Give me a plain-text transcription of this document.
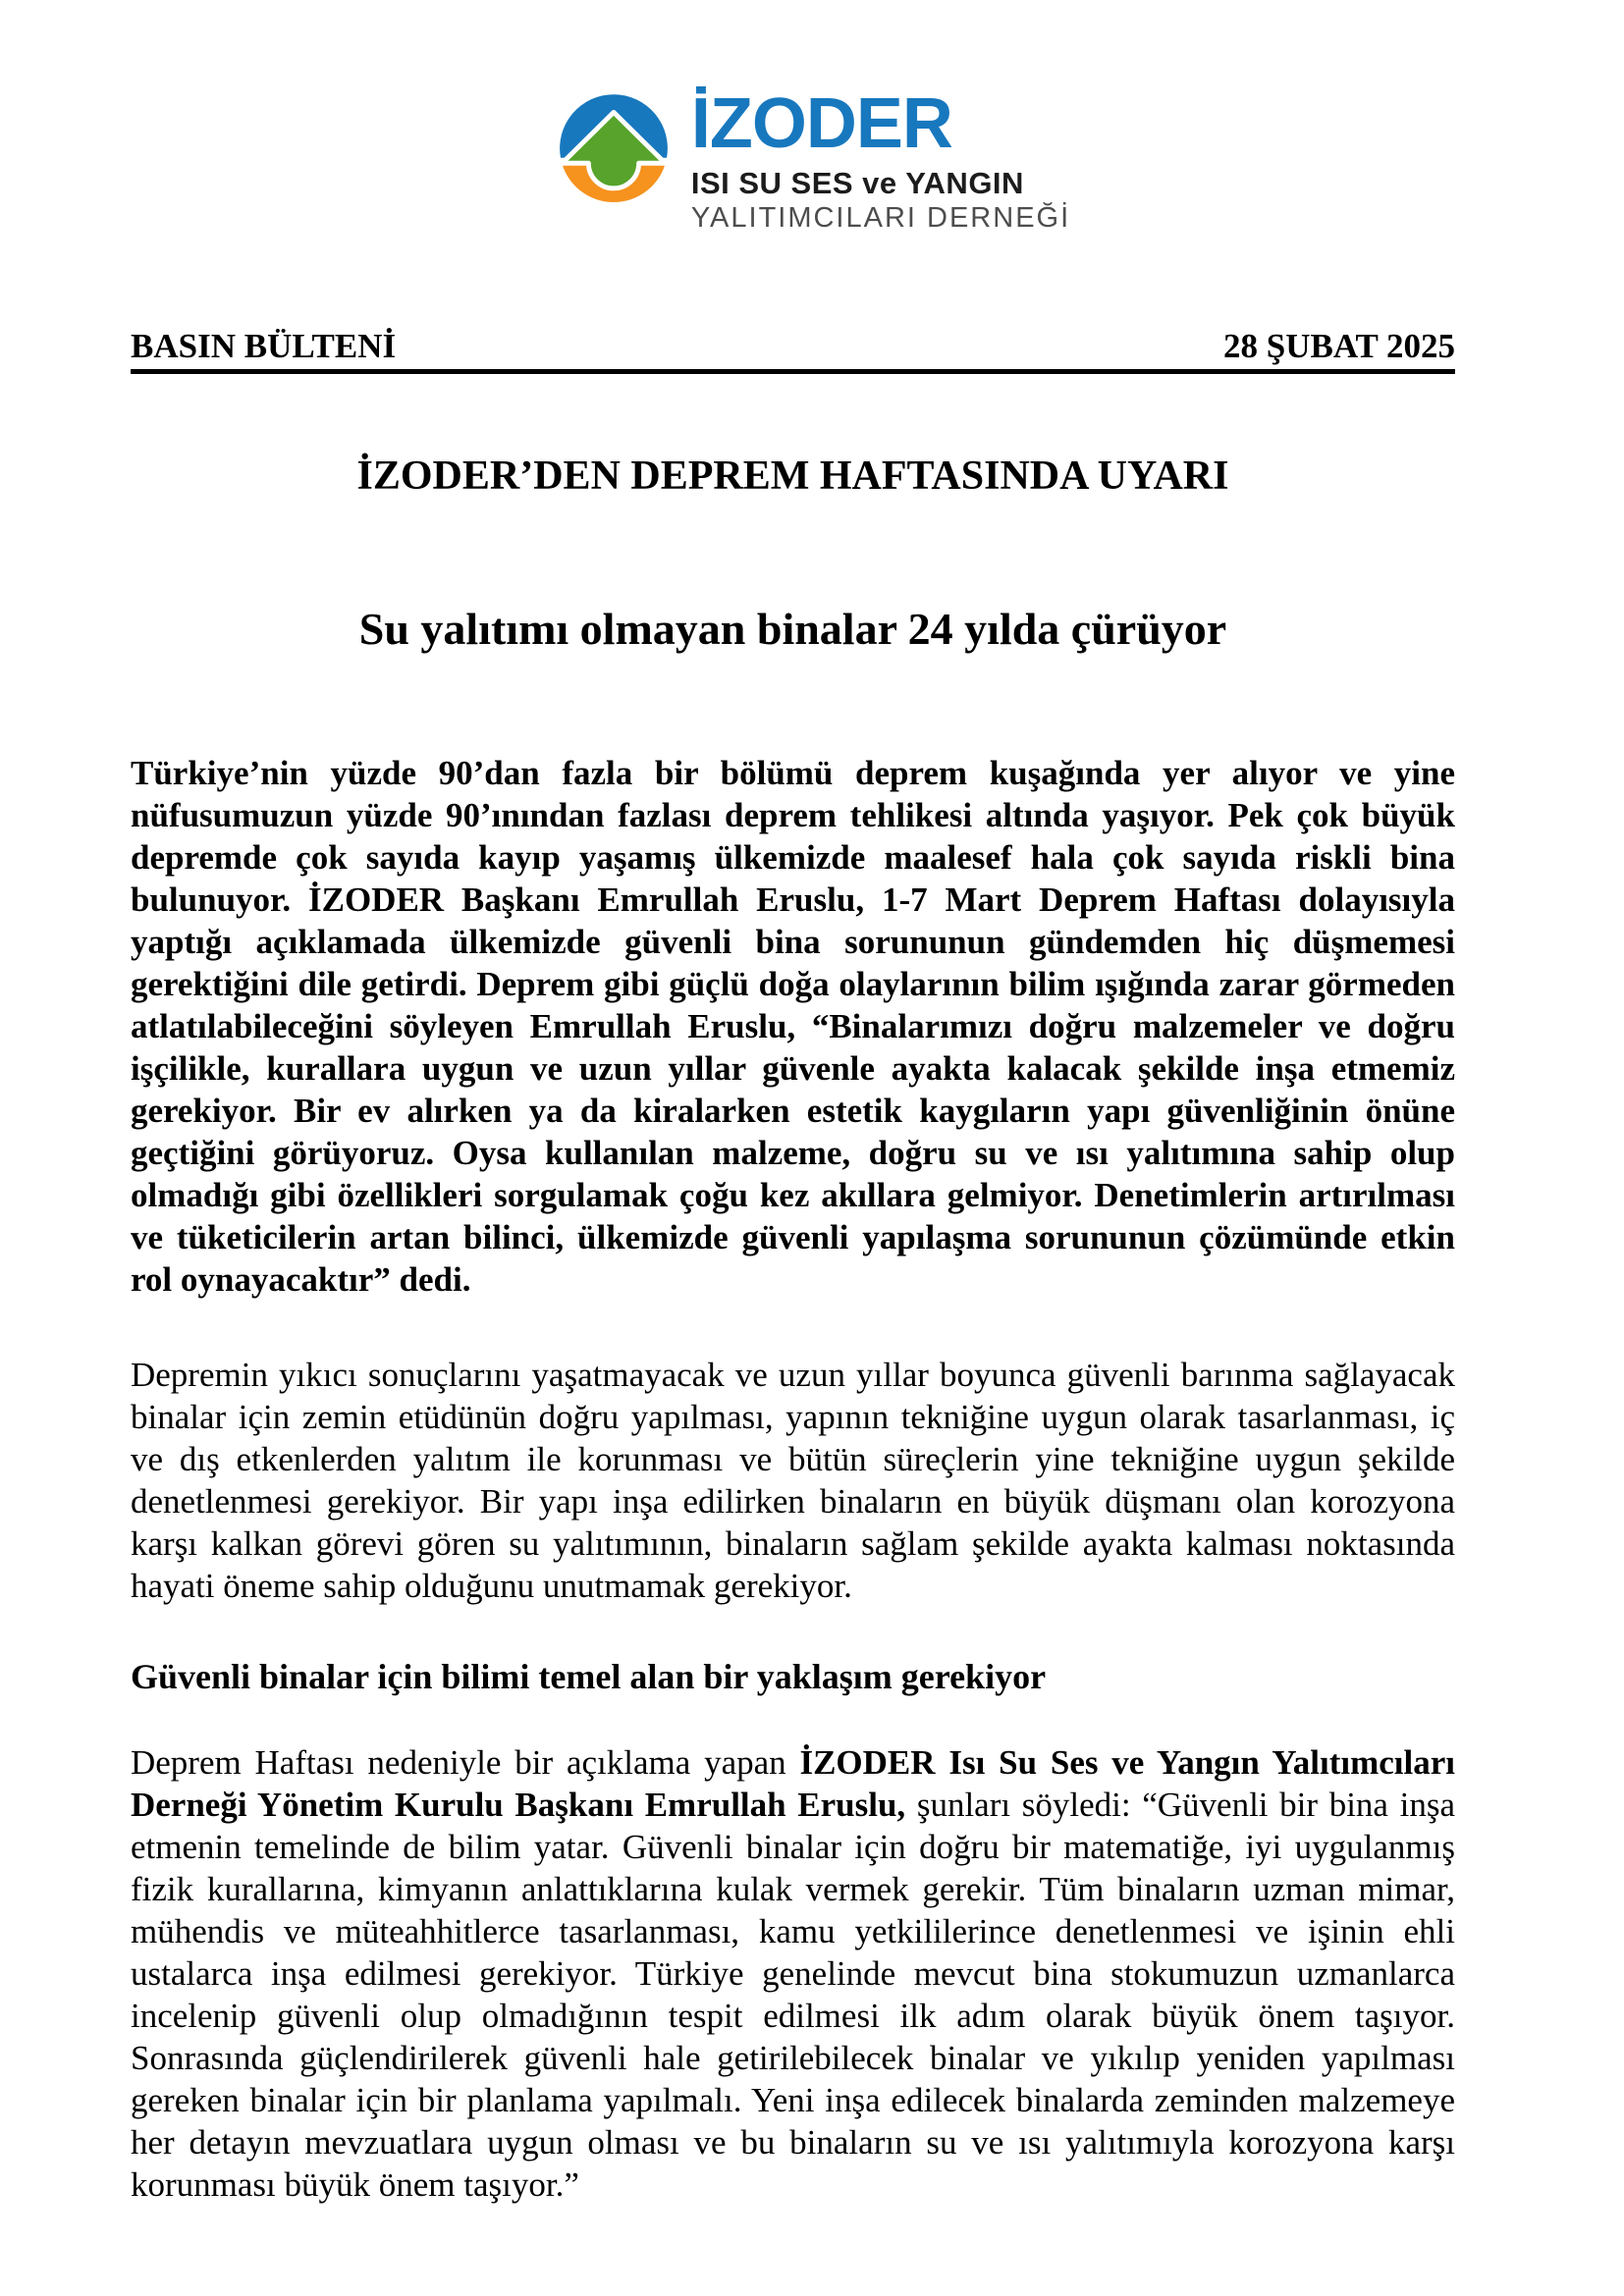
İZODER
ISI SU SES ve YANGIN
YALITIMCILARI DERNEĞİ
BASIN BÜLTENİ	28 ŞUBAT 2025
İZODER’DEN DEPREM HAFTASINDA UYARI
Su yalıtımı olmayan binalar 24 yılda çürüyor

Türkiye’nin yüzde 90’dan fazla bir bölümü deprem kuşağında yer alıyor ve yine nüfusumuzun yüzde 90’ınından fazlası deprem tehlikesi altında yaşıyor. Pek çok büyük depremde çok sayıda kayıp yaşamış ülkemizde maalesef hala çok sayıda riskli bina bulunuyor. İZODER Başkanı Emrullah Eruslu, 1-7 Mart Deprem Haftası dolayısıyla yaptığı açıklamada ülkemizde güvenli bina sorununun gündemden hiç düşmemesi gerektiğini dile getirdi. Deprem gibi güçlü doğa olaylarının bilim ışığında zarar görmeden atlatılabileceğini söyleyen Emrullah Eruslu, “Binalarımızı doğru malzemeler ve doğru işçilikle, kurallara uygun ve uzun yıllar güvenle ayakta kalacak şekilde inşa etmemiz gerekiyor. Bir ev alırken ya da kiralarken estetik kaygıların yapı güvenliğinin önüne geçtiğini görüyoruz. Oysa kullanılan malzeme, doğru su ve ısı yalıtımına sahip olup olmadığı gibi özellikleri sorgulamak çoğu kez akıllara gelmiyor. Denetimlerin artırılması ve tüketicilerin artan bilinci, ülkemizde güvenli yapılaşma sorununun çözümünde etkin rol oynayacaktır” dedi.

Depremin yıkıcı sonuçlarını yaşatmayacak ve uzun yıllar boyunca güvenli barınma sağlayacak binalar için zemin etüdünün doğru yapılması, yapının tekniğine uygun olarak tasarlanması, iç ve dış etkenlerden yalıtım ile korunması ve bütün süreçlerin yine tekniğine uygun şekilde denetlenmesi gerekiyor. Bir yapı inşa edilirken binaların en büyük düşmanı olan korozyona karşı kalkan görevi gören su yalıtımının, binaların sağlam şekilde ayakta kalması noktasında hayati öneme sahip olduğunu unutmamak gerekiyor.

Güvenli binalar için bilimi temel alan bir yaklaşım gerekiyor

Deprem Haftası nedeniyle bir açıklama yapan İZODER Isı Su Ses ve Yangın Yalıtımcıları Derneği Yönetim Kurulu Başkanı Emrullah Eruslu, şunları söyledi: “Güvenli bir bina inşa etmenin temelinde de bilim yatar. Güvenli binalar için doğru bir matematiğe, iyi uygulanmış fizik kurallarına, kimyanın anlattıklarına kulak vermek gerekir. Tüm binaların uzman mimar, mühendis ve müteahhitlerce tasarlanması, kamu yetkililerince denetlenmesi ve işinin ehli ustalarca inşa edilmesi gerekiyor. Türkiye genelinde mevcut bina stokumuzun uzmanlarca incelenip güvenli olup olmadığının tespit edilmesi ilk adım olarak büyük önem taşıyor. Sonrasında güçlendirilerek güvenli hale getirilebilecek binalar ve yıkılıp yeniden yapılması gereken binalar için bir planlama yapılmalı. Yeni inşa edilecek binalarda zeminden malzemeye her detayın mevzuatlara uygun olması ve bu binaların su ve ısı yalıtımıyla korozyona karşı korunması büyük önem taşıyor.”
